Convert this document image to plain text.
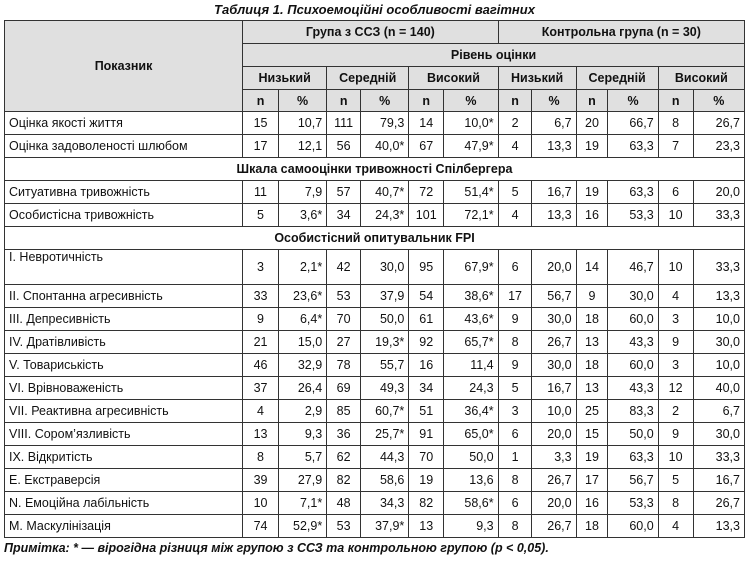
Таблиця 1. Психоемоційні особливості вагітних
Показник	Група з ССЗ (n = 140)						Контрольна група (n = 30)					
	Рівень оцінки											
	Низький		Середній		Високий		Низький		Середній		Високий	
	n	%	n	%	n	%	n	%	n	%	n	%
Оцінка якості життя	15	10,7	111	79,3	14	10,0*	2	6,7	20	66,7	8	26,7
Оцінка задоволеності шлюбом	17	12,1	56	40,0*	67	47,9*	4	13,3	19	63,3	7	23,3
Шкала самооцінки тривожності Спілбергера												
Ситуативна тривожність	11	7,9	57	40,7*	72	51,4*	5	16,7	19	63,3	6	20,0
Особистісна тривожність	5	3,6*	34	24,3*	101	72,1*	4	13,3	16	53,3	10	33,3
Особистісний опитувальник FPI												
I. Невротичність	3	2,1*	42	30,0	95	67,9*	6	20,0	14	46,7	10	33,3
II. Спонтанна агресивність	33	23,6*	53	37,9	54	38,6*	17	56,7	9	30,0	4	13,3
III. Депресивність	9	6,4*	70	50,0	61	43,6*	9	30,0	18	60,0	3	10,0
IV. Дратівливість	21	15,0	27	19,3*	92	65,7*	8	26,7	13	43,3	9	30,0
V. Товариськість	46	32,9	78	55,7	16	11,4	9	30,0	18	60,0	3	10,0
VI. Врівноваженість	37	26,4	69	49,3	34	24,3	5	16,7	13	43,3	12	40,0
VII. Реактивна агресивність	4	2,9	85	60,7*	51	36,4*	3	10,0	25	83,3	2	6,7
VIII. Сором’язливість	13	9,3	36	25,7*	91	65,0*	6	20,0	15	50,0	9	30,0
IX. Відкритість	8	5,7	62	44,3	70	50,0	1	3,3	19	63,3	10	33,3
E. Екстраверсія	39	27,9	82	58,6	19	13,6	8	26,7	17	56,7	5	16,7
N. Емоційна лабільність	10	7,1*	48	34,3	82	58,6*	6	20,0	16	53,3	8	26,7
M. Маскулінізація	74	52,9*	53	37,9*	13	9,3	8	26,7	18	60,0	4	13,3
Примітка: * — вірогідна різниця між групою з ССЗ та контрольною групою (р < 0,05).
